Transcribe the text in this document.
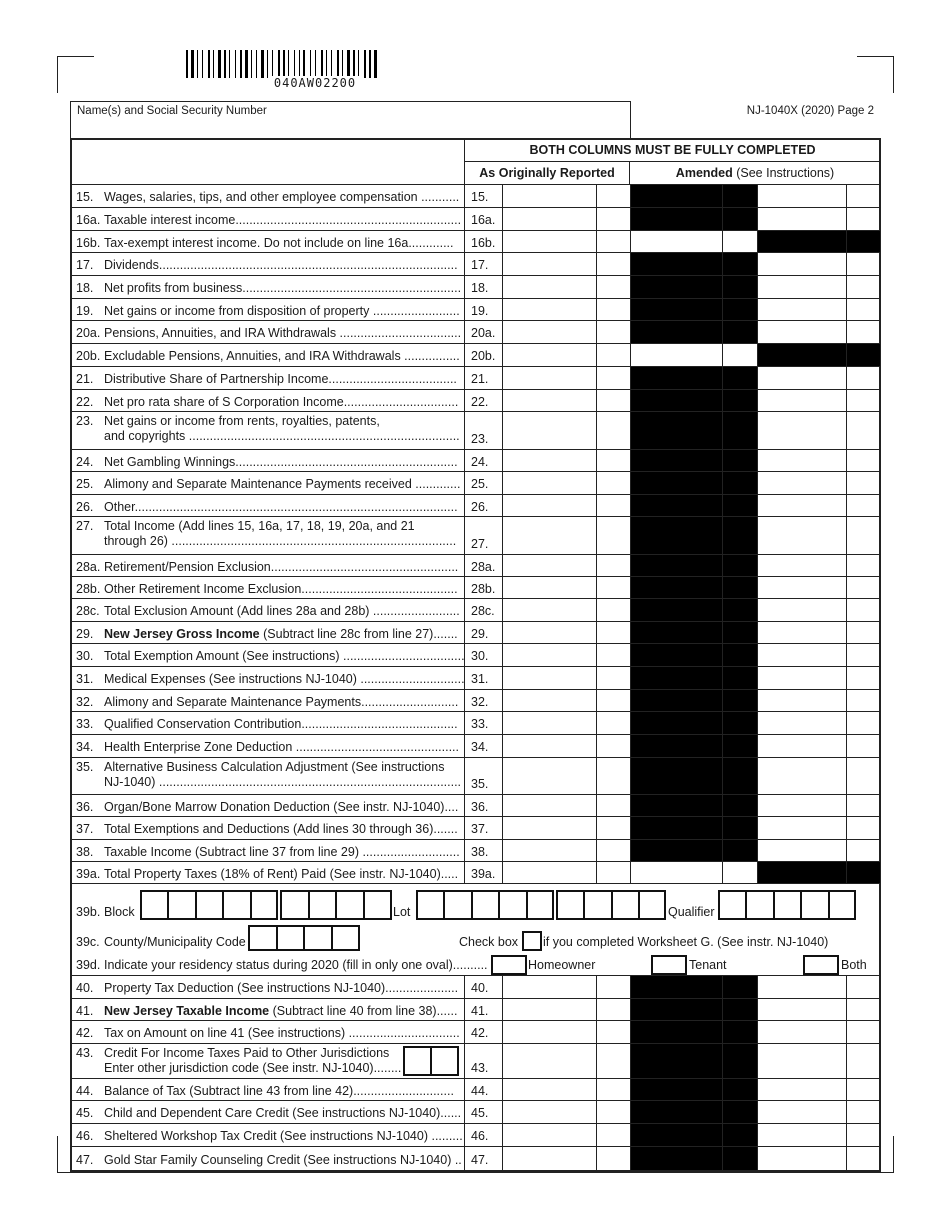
040AW02200
Name(s) and Social Security Number	NJ-1040X (2020) Page 2
BOTH COLUMNS MUST BE FULLY COMPLETED
As Originally Reported	Amended (See Instructions)
15. Wages, salaries, tips, and other employee compensation ........... 15.
16a. Taxable interest income................................................................. 16a.
16b. Tax-exempt interest income. Do not include on line 16a............. 16b.
17. Dividends...................................................................................... 17.
18. Net profits from business............................................................... 18.
19. Net gains or income from disposition of property ......................... 19.
20a. Pensions, Annuities, and IRA Withdrawals ................................... 20a.
20b. Excludable Pensions, Annuities, and IRA Withdrawals ................ 20b.
21. Distributive Share of Partnership Income..................................... 21.
22. Net pro rata share of S Corporation Income................................. 22.
23. Net gains or income from rents, royalties, patents,
and copyrights .............................................................................. 23.
24. Net Gambling Winnings................................................................ 24.
25. Alimony and Separate Maintenance Payments received ............. 25.
26. Other............................................................................................. 26.
27. Total Income (Add lines 15, 16a, 17, 18, 19, 20a, and 21
through 26) .................................................................................. 27.
28a. Retirement/Pension Exclusion...................................................... 28a.
28b. Other Retirement Income Exclusion............................................. 28b.
28c. Total Exclusion Amount (Add lines 28a and 28b) ......................... 28c.
29. New Jersey Gross Income (Subtract line 28c from line 27)....... 29.
30. Total Exemption Amount (See instructions) ................................... 30.
31. Medical Expenses (See instructions NJ-1040) .............................. 31.
32. Alimony and Separate Maintenance Payments............................ 32.
33. Qualified Conservation Contribution............................................. 33.
34. Health Enterprise Zone Deduction ............................................... 34.
35. Alternative Business Calculation Adjustment (See instructions
NJ-1040) ....................................................................................... 35.
36. Organ/Bone Marrow Donation Deduction (See instr. NJ-1040).... 36.
37. Total Exemptions and Deductions (Add lines 30 through 36)....... 37.
38. Taxable Income (Subtract line 37 from line 29) ............................ 38.
39a. Total Property Taxes (18% of Rent) Paid (See instr. NJ-1040)..... 39a.
39b. Block	Lot	Qualifier
39c. County/Municipality Code	Check box if you completed Worksheet G. (See instr. NJ-1040)
39d. Indicate your residency status during 2020 (fill in only one oval)..........	Homeowner	Tenant	Both
40. Property Tax Deduction (See instructions NJ-1040)..................... 40.
41. New Jersey Taxable Income (Subtract line 40 from line 38)...... 41.
42. Tax on Amount on line 41 (See instructions) ................................ 42.
43. Credit For Income Taxes Paid to Other Jurisdictions
Enter other jurisdiction code (See instr. NJ-1040)........	43.
44. Balance of Tax (Subtract line 43 from line 42)............................. 44.
45. Child and Dependent Care Credit (See instructions NJ-1040)...... 45.
46. Sheltered Workshop Tax Credit (See instructions NJ-1040) ......... 46.
47. Gold Star Family Counseling Credit (See instructions NJ-1040) .. 47.
